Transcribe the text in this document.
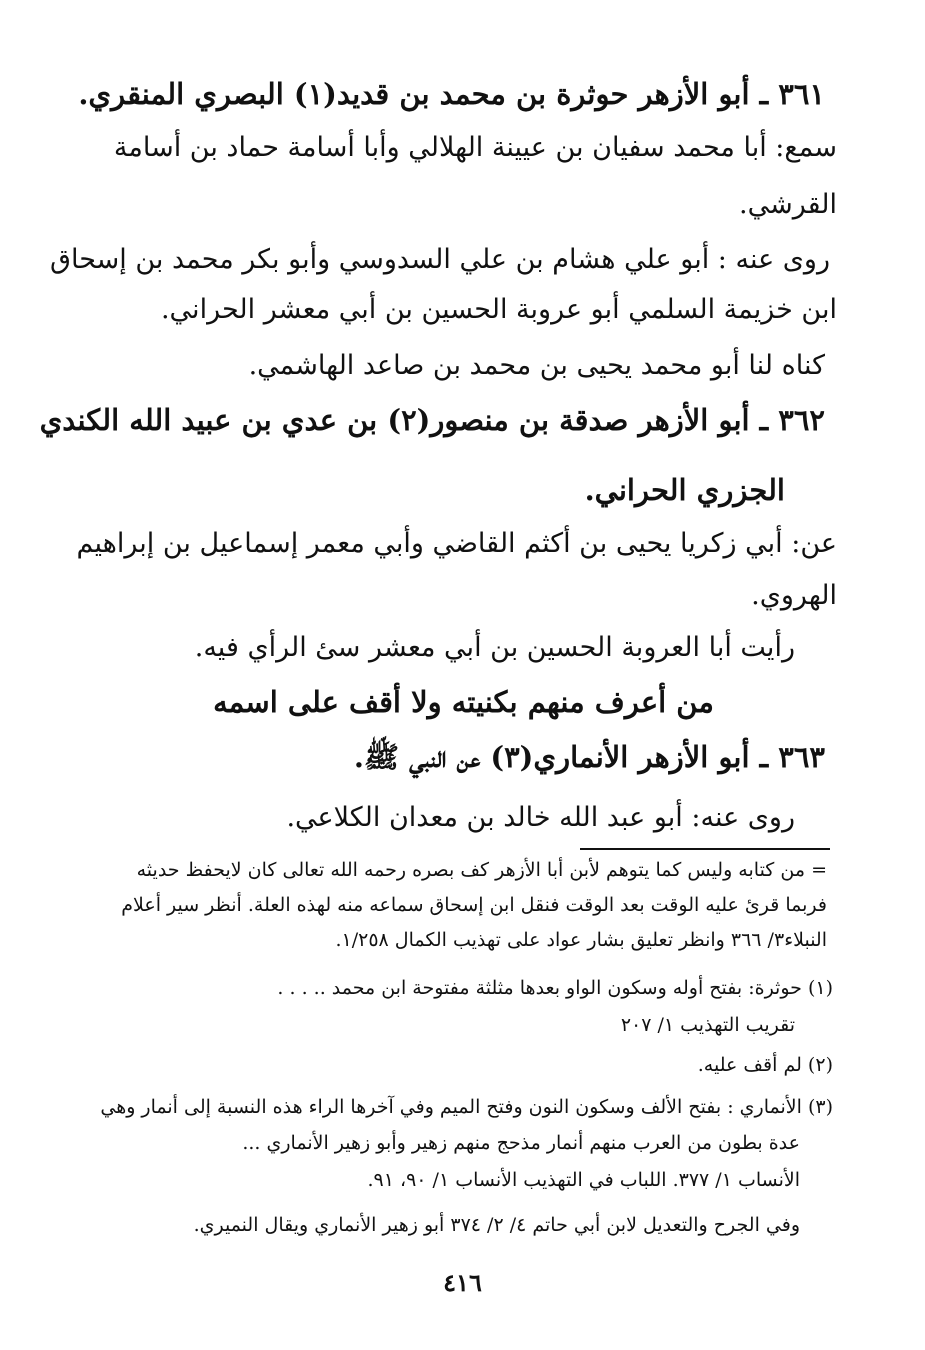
٣٦١ ـ أبو الأزهر حوثرة بن محمد بن قديد(١) البصري المنقري.
سمع: أبا محمد سفيان بن عيينة الهلالي وأبا أسامة حماد بن أسامة
القرشي.
روى عنه : أبو علي هشام بن علي السدوسي وأبو بكر محمد بن إسحاق
ابن خزيمة السلمي أبو عروبة الحسين بن أبي معشر الحراني.
كناه لنا أبو محمد يحيى بن محمد بن صاعد الهاشمي.
٣٦٢ ـ أبو الأزهر صدقة بن منصور(٢) بن عدي بن عبيد الله الكندي
الجزري الحراني.
عن: أبي زكريا يحيى بن أكثم القاضي وأبي معمر إسماعيل بن إبراهيم
الهروي.
رأيت أبا العروبة الحسين بن أبي معشر سئ الرأي فيه.
من أعرف منهم بكنيته ولا أقف على اسمه
٣٦٣ ـ أبو الأزهر الأنماري(٣) عن النبي ﷺ.
روى عنه: أبو عبد الله خالد بن معدان الكلاعي.
= من كتابه وليس كما يتوهم لأبن أبا الأزهر كف بصره رحمه الله تعالى كان لايحفظ حديثه
فربما قرئ عليه الوقت بعد الوقت فنقل ابن إسحاق سماعه منه لهذه العلة. أنظر سير أعلام
النبلاء٣/ ٣٦٦ وانظر تعليق بشار عواد على تهذيب الكمال ١/٢٥٨.
(١) حوثرة: بفتح أوله وسكون الواو بعدها مثلثة مفتوحة ابن محمد .. . . .
تقريب التهذيب ١/ ٢٠٧
(٢) لم أقف عليه.
(٣) الأنماري : بفتح الألف وسكون النون وفتح الميم وفي آخرها الراء هذه النسبة إلى أنمار وهي
عدة بطون من العرب منهم أنمار مذحج منهم زهير وأبو زهير الأنماري ...
الأنساب ١/ ٣٧٧. اللباب في التهذيب الأنساب ١/ ٩٠، ٩١.
وفي الجرح والتعديل لابن أبي حاتم ٤/ ٢/ ٣٧٤ أبو زهير الأنماري ويقال النميري.
٤١٦
